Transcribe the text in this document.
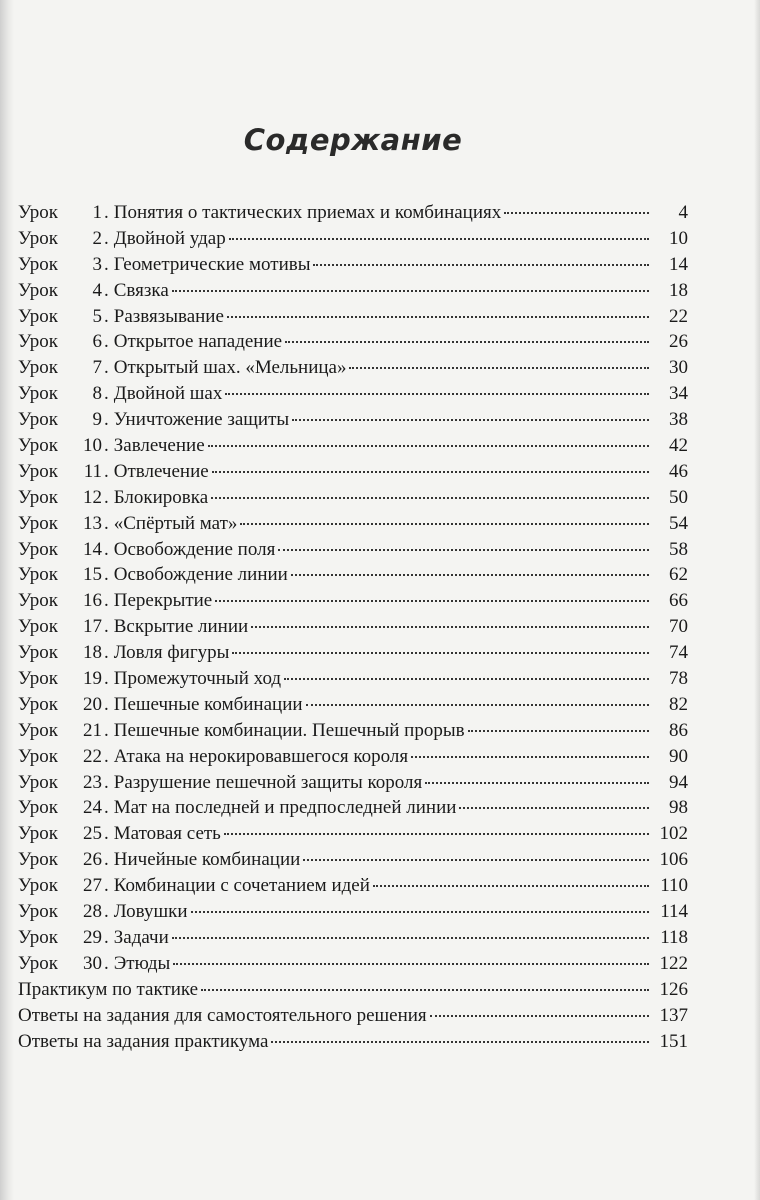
Содержание
Урок	1 . Понятия о тактических приемах и комбинациях	4
Урок	2 . Двойной удар	10
Урок	3 . Геометрические мотивы	14
Урок	4 . Связка	18
Урок	5 . Развязывание	22
Урок	6 . Открытое нападение	26
Урок	7 . Открытый шах. «Мельница»	30
Урок	8 . Двойной шах	34
Урок	9 . Уничтожение защиты	38
Урок	10 . Завлечение	42
Урок	11 . Отвлечение	46
Урок	12 . Блокировка	50
Урок	13 . «Спёртый мат»	54
Урок	14 . Освобождение поля	58
Урок	15 . Освобождение линии	62
Урок	16 . Перекрытие	66
Урок	17 . Вскрытие линии	70
Урок	18 . Ловля фигуры	74
Урок	19 . Промежуточный ход	78
Урок	20 . Пешечные комбинации	82
Урок	21 . Пешечные комбинации. Пешечный прорыв	86
Урок	22 . Атака на нерокировавшегося короля	90
Урок	23 . Разрушение пешечной защиты короля	94
Урок	24 . Мат на последней и предпоследней линии	98
Урок	25 . Матовая сеть	102
Урок	26 . Ничейные комбинации	106
Урок	27 . Комбинации с сочетанием идей	110
Урок	28 . Ловушки	114
Урок	29 . Задачи	118
Урок	30 . Этюды	122
Практикум по тактике	126
Ответы на задания для самостоятельного решения	137
Ответы на задания практикума	151
